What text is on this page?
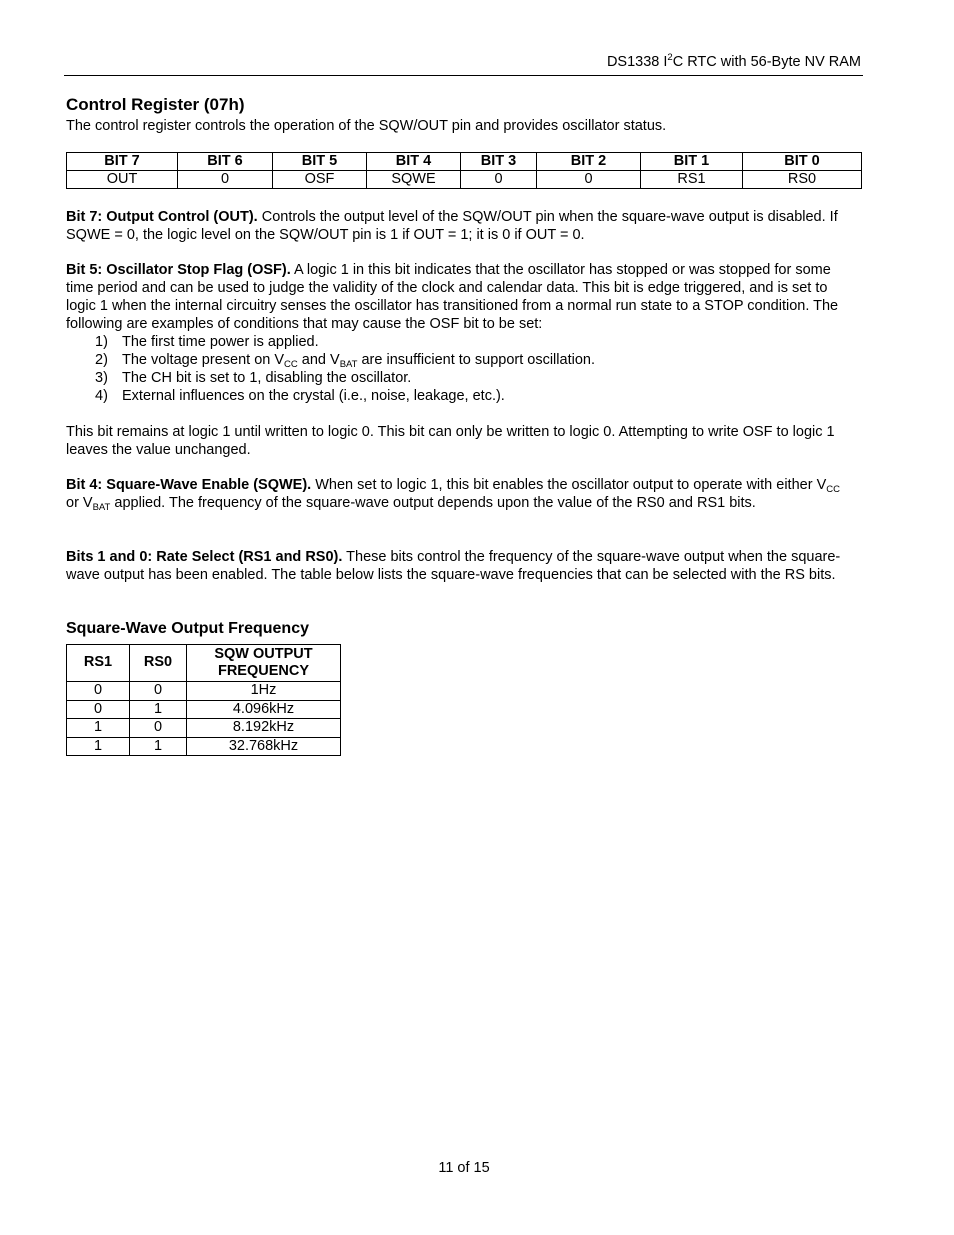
DS1338 $I^2C$ RTC with 56-Byte NV RAM
Control Register (07h)

The control register controls the operation of the SQW/OUT pin and provides oscillator status.

BIT 7	BIT 6	BIT 5	BIT 4	BIT 3	BIT 2	BIT 1	BIT 0
OUT	0	OSF	SQWE	0	0	RS1	RS0

Bit 7: Output Control (OUT). Controls the output level of the SQW/OUT pin when the square-wave output is disabled. If SQWE = 0, the logic level on the SQW/OUT pin is 1 if OUT = 1; it is 0 if OUT = 0.

Bit 5: Oscillator Stop Flag (OSF). A logic 1 in this bit indicates that the oscillator has stopped or was stopped for some time period and can be used to judge the validity of the clock and calendar data. This bit is edge triggered, and is set to logic 1 when the internal circuitry senses the oscillator has transitioned from a normal run state to a STOP condition. The following are examples of conditions that may cause the OSF bit to be set:

1) The first time power is applied.
2) The voltage present on $V_{CC}$ and $V_{BAT}$ are insufficient to support oscillation.
3) The CH bit is set to 1, disabling the oscillator.
4) External influences on the crystal (i.e., noise, leakage, etc.).

This bit remains at logic 1 until written to logic 0. This bit can only be written to logic 0. Attempting to write OSF to logic 1 leaves the value unchanged.

Bit 4: Square-Wave Enable (SQWE). When set to logic 1, this bit enables the oscillator output to operate with either $V_{CC}$ or $V_{BAT}$ applied. The frequency of the square-wave output depends upon the value of the RS0 and RS1 bits.

Bits 1 and 0: Rate Select (RS1 and RS0). These bits control the frequency of the square-wave output when the square-wave output has been enabled. The table below lists the square-wave frequencies that can be selected with the RS bits.

Square-Wave Output Frequency
RS1	RS0	SQW OUTPUT FREQUENCY
0	0	1Hz
0	1	4.096kHz
1	0	8.192kHz
1	1	32.768kHz
11 of 15
